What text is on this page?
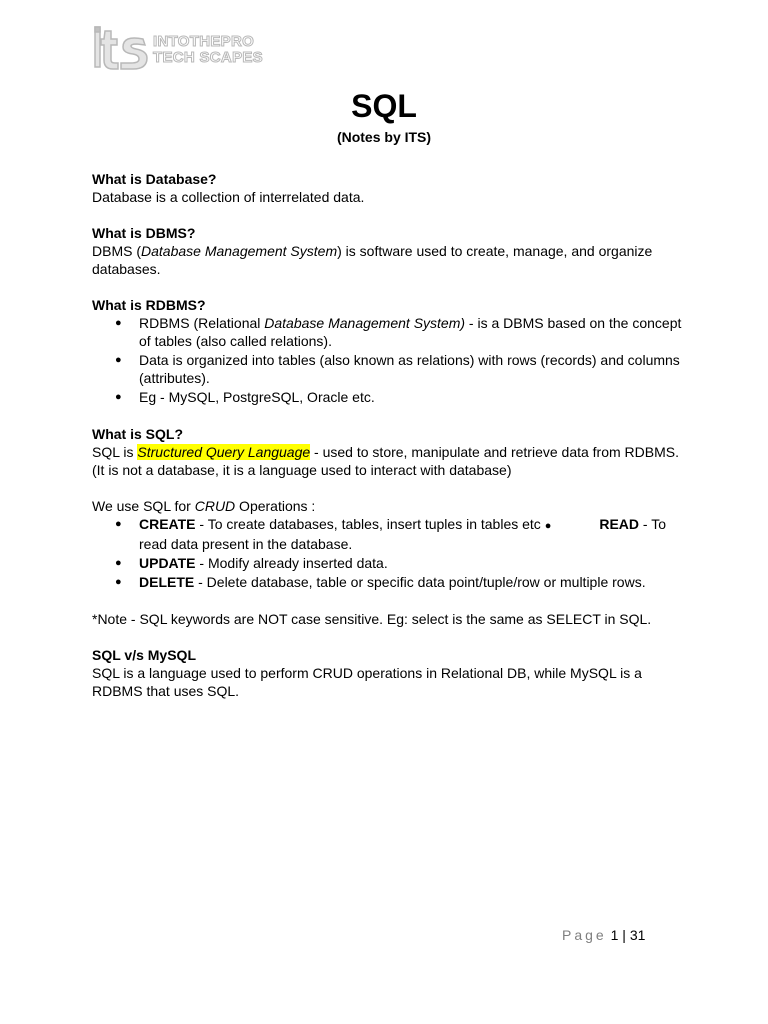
INTOTHEPRO
TECH SCAPES
SQL
(Notes by ITS)

What is Database?

Database is a collection of interrelated data.

What is DBMS?

DBMS (Database Management System) is software used to create, manage, and organize databases.

What is RDBMS?

● RDBMS (Relational Database Management System) - is a DBMS based on the concept of tables (also called relations).
● Data is organized into tables (also known as relations) with rows (records) and columns (attributes).
● Eg - MySQL, PostgreSQL, Oracle etc.

What is SQL?

SQL is Structured Query Language - used to store, manipulate and retrieve data from RDBMS.

(It is not a database, it is a language used to interact with database)

We use SQL for CRUD Operations :

● CREATE - To create databases, tables, insert tuples in tables etc ●	READ - To read data present in the database.
● UPDATE - Modify already inserted data.
● DELETE - Delete database, table or specific data point/tuple/row or multiple rows.

*Note - SQL keywords are NOT case sensitive. Eg: select is the same as SELECT in SQL.

SQL v/s MySQL

SQL is a language used to perform CRUD operations in Relational DB, while MySQL is a RDBMS that uses SQL.

Page 1 | 31
